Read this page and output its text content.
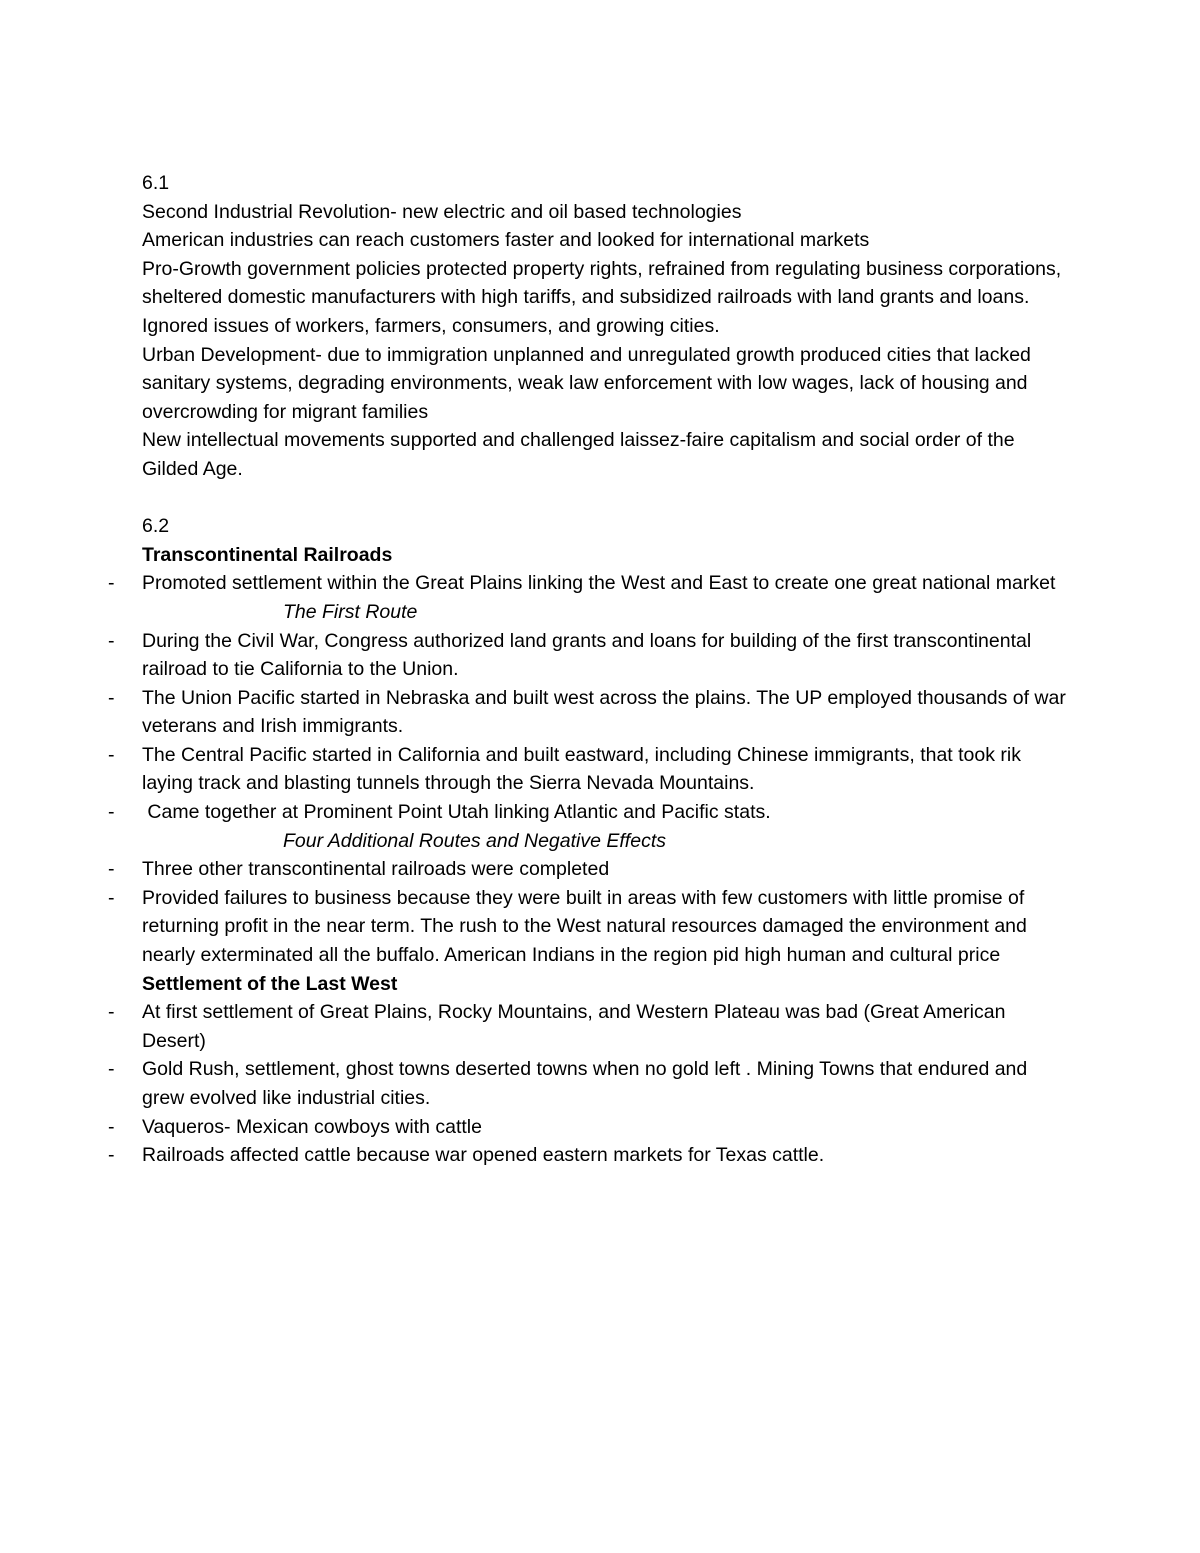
6.1

Second Industrial Revolution- new electric and oil based technologies

American industries can reach customers faster and looked for international markets

Pro-Growth government policies protected property rights, refrained from regulating business corporations, sheltered domestic manufacturers with high tariffs, and subsidized railroads with land grants and loans. Ignored issues of workers, farmers, consumers, and growing cities.

Urban Development- due to immigration unplanned and unregulated growth produced cities that lacked sanitary systems, degrading environments, weak law enforcement with low wages, lack of housing and overcrowding for migrant families

New intellectual movements supported and challenged laissez-faire capitalism and social order of the Gilded Age.

6.2

Transcontinental Railroads

- Promoted settlement within the Great Plains linking the West and East to create one great national market

The First Route

- During the Civil War, Congress authorized land grants and loans for building of the first transcontinental railroad to tie California to the Union.
- The Union Pacific started in Nebraska and built west across the plains. The UP employed thousands of war veterans and Irish immigrants.
- The Central Pacific started in California and built eastward, including Chinese immigrants, that took rik laying track and blasting tunnels through the Sierra Nevada Mountains.
- Came together at Prominent Point Utah linking Atlantic and Pacific stats.

Four Additional Routes and Negative Effects

- Three other transcontinental railroads were completed
- Provided failures to business because they were built in areas with few customers with little promise of returning profit in the near term. The rush to the West natural resources damaged the environment and nearly exterminated all the buffalo. American Indians in the region pid high human and cultural price

Settlement of the Last West

- At first settlement of Great Plains, Rocky Mountains, and Western Plateau was bad (Great American Desert)
- Gold Rush, settlement, ghost towns deserted towns when no gold left . Mining Towns that endured and grew evolved like industrial cities.
- Vaqueros- Mexican cowboys with cattle
- Railroads affected cattle because war opened eastern markets for Texas cattle.
